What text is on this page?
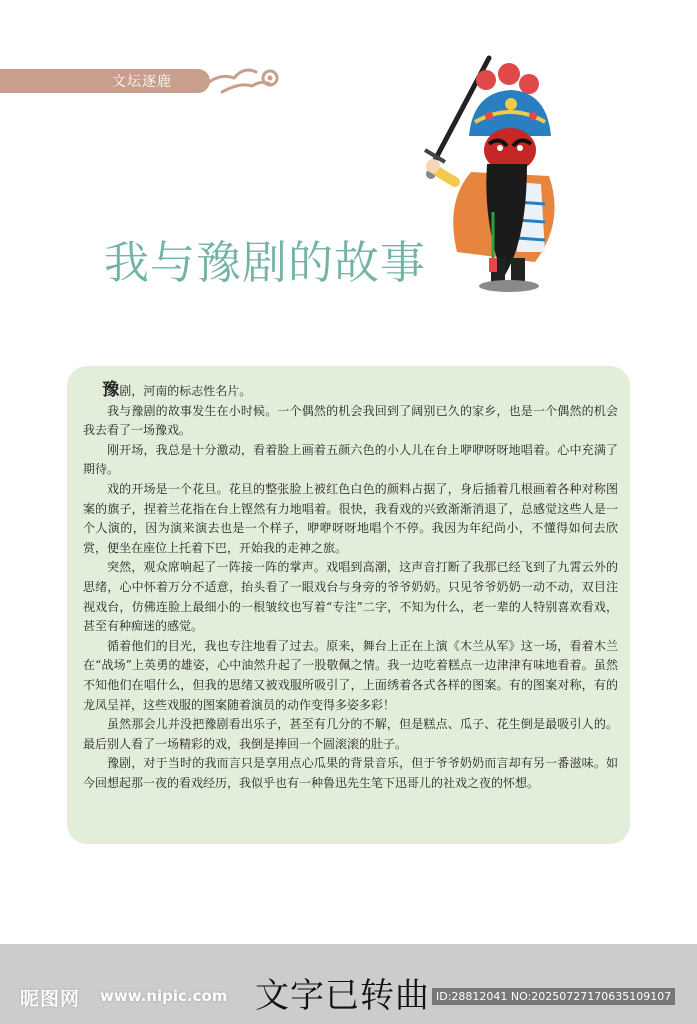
文坛逐鹿
我与豫剧的故事

豫剧，河南的标志性名片。

我与豫剧的故事发生在小时候。一个偶然的机会我回到了阔别已久的家乡，也是一个偶然的机会我去看了一场豫戏。

刚开场，我总是十分激动，看着脸上画着五颜六色的小人儿在台上咿咿呀呀地唱着。心中充满了期待。

戏的开场是一个花旦。花旦的整张脸上被红色白色的颜料占据了，身后插着几根画着各种对称图案的旗子，捏着兰花指在台上铿然有力地唱着。很快，我看戏的兴致渐渐消退了，总感觉这些人是一个人演的，因为演来演去也是一个样子，咿咿呀呀地唱个不停。我因为年纪尚小，不懂得如何去欣赏，便坐在座位上托着下巴，开始我的走神之旅。

突然，观众席响起了一阵接一阵的掌声。戏唱到高潮，这声音打断了我那已经飞到了九霄云外的思绪，心中怀着万分不适意，抬头看了一眼戏台与身旁的爷爷奶奶。只见爷爷奶奶一动不动，双目注视戏台，仿佛连脸上最细小的一根皱纹也写着“专注”二字，不知为什么，老一辈的人特别喜欢看戏，甚至有种痴迷的感觉。

循着他们的目光，我也专注地看了过去。原来，舞台上正在上演《木兰从军》这一场，看着木兰在“战场”上英勇的雄姿，心中油然升起了一股敬佩之情。我一边吃着糕点一边津津有味地看着。虽然不知他们在唱什么，但我的思绪又被戏服所吸引了，上面绣着各式各样的图案。有的图案对称，有的龙凤呈祥，这些戏服的图案随着演员的动作变得多姿多彩！

虽然那会儿并没把豫剧看出乐子，甚至有几分的不解，但是糕点、瓜子、花生倒是最吸引人的。最后别人看了一场精彩的戏，我倒是捧回一个圆滚滚的肚子。

豫剧，对于当时的我而言只是享用点心瓜果的背景音乐，但于爷爷奶奶而言却有另一番滋味。如今回想起那一夜的看戏经历，我似乎也有一种鲁迅先生笔下迅哥儿的社戏之夜的怀想。

昵图网 www.nipic.com 文字已转曲 ID:28812041 NO:20250727170635109107
